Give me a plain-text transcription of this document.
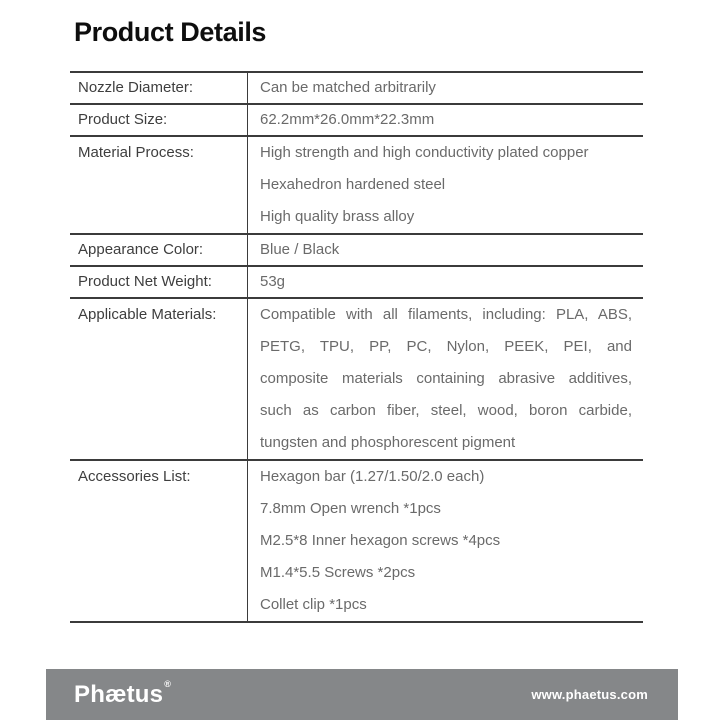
Product Details
Nozzle Diameter:	Can be matched arbitrarily
Product Size:	62.2mm*26.0mm*22.3mm
Material Process:	High strength and high conductivity plated copper
Hexahedron hardened steel
High quality brass alloy
Appearance Color:	Blue / Black
Product Net Weight:	53g
Applicable Materials:	Compatible with all filaments, including: PLA, ABS,
PETG, TPU, PP, PC, Nylon, PEEK, PEI, and
composite materials containing abrasive additives,
such as carbon fiber, steel, wood, boron carbide,
tungsten and phosphorescent pigment
Accessories List:	Hexagon bar (1.27/1.50/2.0 each)
7.8mm Open wrench *1pcs
M2.5*8 Inner hexagon screws *4pcs
M1.4*5.5 Screws *2pcs
Collet clip *1pcs
Phætus ®
www.phaetus.com
